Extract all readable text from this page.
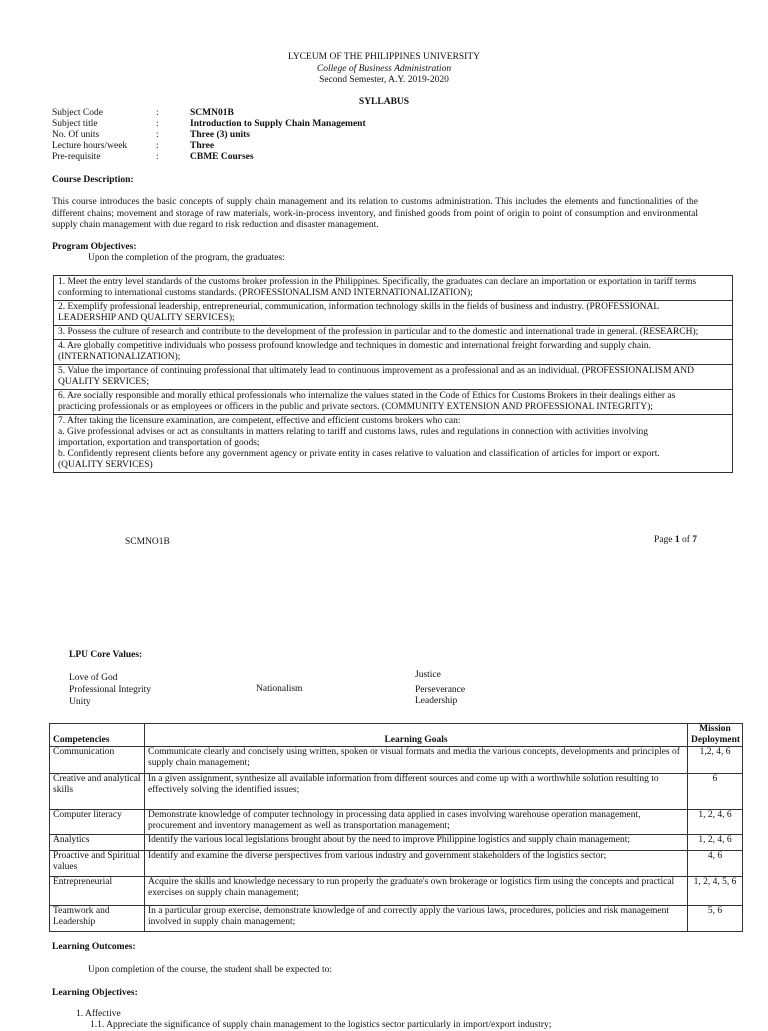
LYCEUM OF THE PHILIPPINES UNIVERSITY
College of Business Administration
Second Semester, A.Y. 2019-2020
SYLLABUS
Subject Code	:	SCMN01B
Subject title	:	Introduction to Supply Chain Management
No. Of units	:	Three (3) units
Lecture hours/week	:	Three
Pre-requisite	:	CBME Courses
Course Description:
This course introduces the basic concepts of supply chain management and its relation to customs administration. This includes the elements and functionalities of the different chains; movement and storage of raw materials, work-in-process inventory, and finished goods from point of origin to point of consumption and environmental supply chain management with due regard to risk reduction and disaster management.
Program Objectives:
Upon the completion of the program, the graduates:
1. Meet the entry level standards of the customs broker profession in the Philippines. Specifically, the graduates can declare an importation or exportation in tariff terms
conforming to international customs standards. (PROFESSIONALISM AND INTERNATIONALIZATION);
2. Exemplify professional leadership, entrepreneurial, communication, information technology skills in the fields of business and industry. (PROFESSIONAL
LEADERSHIP AND QUALITY SERVICES);
3. Possess the culture of research and contribute to the development of the profession in particular and to the domestic and international trade in general. (RESEARCH);
4. Are globally competitive individuals who possess profound knowledge and techniques in domestic and international freight forwarding and supply chain.
(INTERNATIONALIZATION);
5. Value the importance of continuing professional that ultimately lead to continuous improvement as a professional and as an individual. (PROFESSIONALISM AND
QUALITY SERVICES;
6. Are socially responsible and morally ethical professionals who internalize the values stated in the Code of Ethics for Customs Brokers in their dealings either as
practicing professionals or as employees or officers in the public and private sectors. (COMMUNITY EXTENSION AND PROFESSIONAL INTEGRITY);
7. After taking the licensure examination, are competent, effective and efficient customs brokers who can:
a. Give professional advises or act as consultants in matters relating to tariff and customs laws, rules and regulations in connection with activities involving
importation, exportation and transportation of goods;
b. Confidently represent clients before any government agency or private entity in cases relative to valuation and classification of articles for import or export.
(QUALITY SERVICES)
SCMNO1B	Page 1 of 7
LPU Core Values:
Love of God
Professional Integrity
Unity
Nationalism
Justice
Perseverance
Leadership
Competencies	Learning Goals	Mission Deployment
Communication	Communicate clearly and concisely using written, spoken or visual formats and media the various concepts, developments and principles of supply chain management;	1,2, 4, 6
Creative and analytical skills	In a given assignment, synthesize all available information from different sources and come up with a worthwhile solution resulting to effectively solving the identified issues;	6
Computer literacy	Demonstrate knowledge of computer technology in processing data applied in cases involving warehouse operation management, procurement and inventory management as well as transportation management;	1, 2, 4, 6
Analytics	Identify the various local legislations brought about by the need to improve Philippine logistics and supply chain management;	1, 2, 4, 6
Proactive and Spiritual values	Identify and examine the diverse perspectives from various industry and government stakeholders of the logistics sector;	4, 6
Entrepreneurial	Acquire the skills and knowledge necessary to run properly the graduate's own brokerage or logistics firm using the concepts and practical exercises on supply chain management;	1, 2, 4, 5, 6
Teamwork and Leadership	In a particular group exercise, demonstrate knowledge of and correctly apply the various laws, procedures, policies and risk management involved in supply chain management;	5, 6
Learning Outcomes:
Upon completion of the course, the student shall be expected to:
Learning Objectives:
1. Affective
1.1. Appreciate the significance of supply chain management to the logistics sector particularly in import/export industry;
